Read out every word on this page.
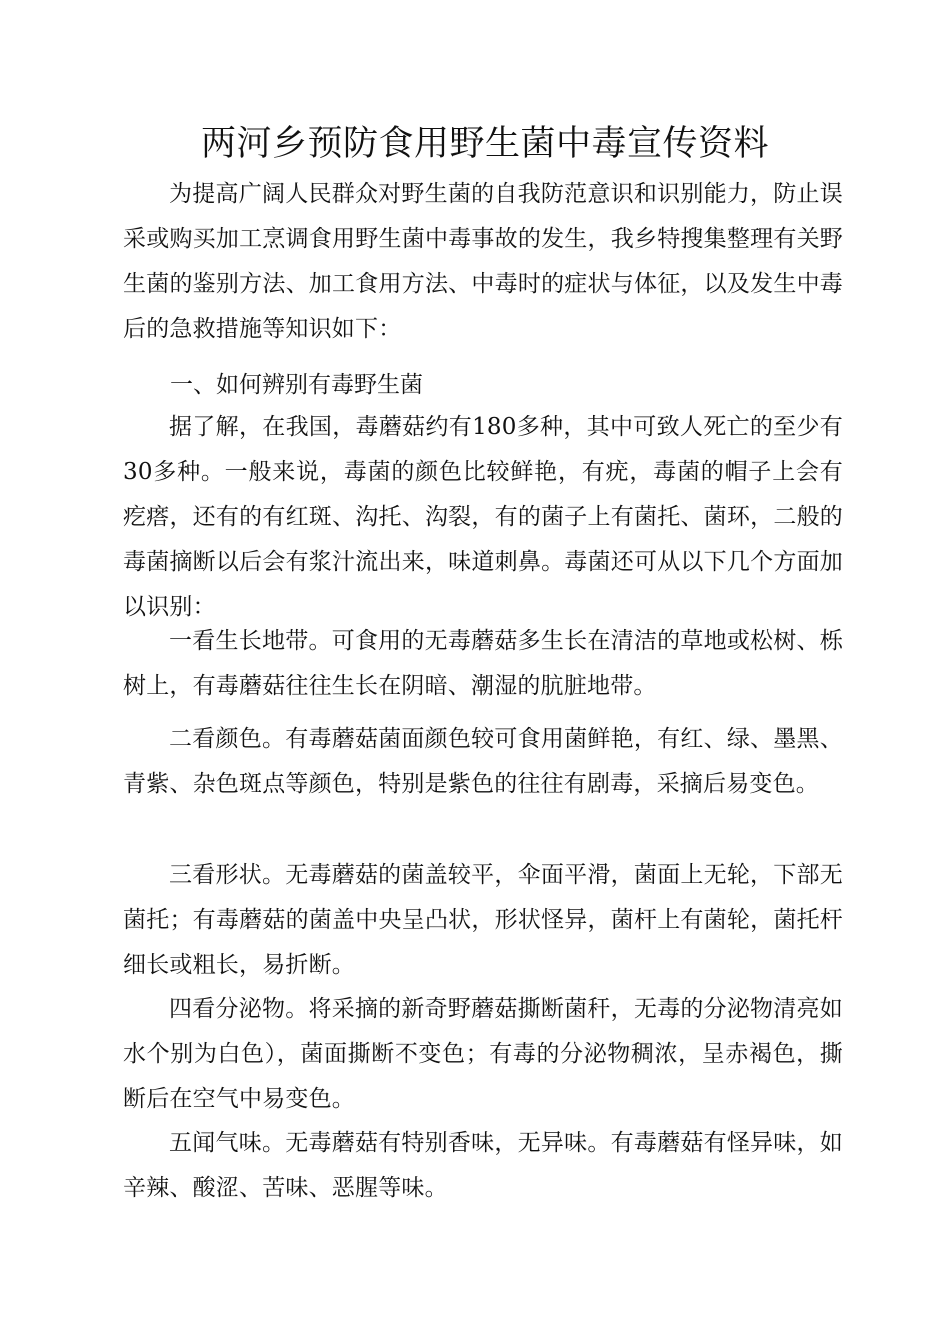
两河乡预防食用野生菌中毒宣传资料
为提高广阔人民群众对野生菌的自我防范意识和识别能力，防止误采或购买加工烹调食用野生菌中毒事故的发生，我乡特搜集整理有关野生菌的鉴别方法、加工食用方法、中毒时的症状与体征，以及发生中毒后的急救措施等知识如下：
一、如何辨别有毒野生菌
据了解，在我国，毒蘑菇约有180多种，其中可致人死亡的至少有30多种。一般来说，毒菌的颜色比较鲜艳，有疣，毒菌的帽子上会有疙瘩，还有的有红斑、沟托、沟裂，有的菌子上有菌托、菌环，二般的毒菌摘断以后会有浆汁流出来，味道刺鼻。毒菌还可从以下几个方面加以识别：
一看生长地带。可食用的无毒蘑菇多生长在清洁的草地或松树、栎树上，有毒蘑菇往往生长在阴暗、潮湿的肮脏地带。
二看颜色。有毒蘑菇菌面颜色较可食用菌鲜艳，有红、绿、墨黑、青紫、杂色斑点等颜色，特别是紫色的往往有剧毒，采摘后易变色。
三看形状。无毒蘑菇的菌盖较平，伞面平滑，菌面上无轮，下部无菌托；有毒蘑菇的菌盖中央呈凸状，形状怪异，菌杆上有菌轮，菌托杆细长或粗长，易折断。
四看分泌物。将采摘的新奇野蘑菇撕断菌秆，无毒的分泌物清亮如水个别为白色），菌面撕断不变色；有毒的分泌物稠浓，呈赤褐色，撕断后在空气中易变色。
五闻气味。无毒蘑菇有特别香味，无异味。有毒蘑菇有怪异味，如辛辣、酸涩、苦味、恶腥等味。
